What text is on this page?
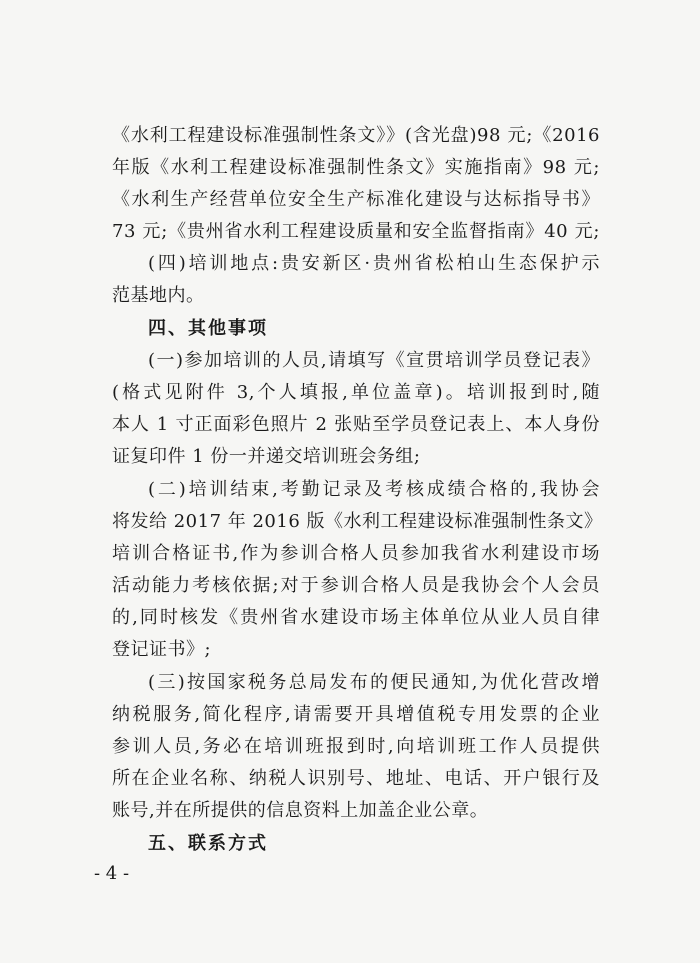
《水利工程建设标准强制性条文》》(含光盘)98 元;《2016
年版《水利工程建设标准强制性条文》实施指南》98 元;
《水利生产经营单位安全生产标准化建设与达标指导书》
73 元;《贵州省水利工程建设质量和安全监督指南》40 元;
(四)培训地点:贵安新区·贵州省松柏山生态保护示
范基地内。
四、其他事项
(一)参加培训的人员,请填写《宣贯培训学员登记表》
(格式见附件 3,个人填报,单位盖章)。培训报到时,随
本人 1 寸正面彩色照片 2 张贴至学员登记表上、本人身份
证复印件 1 份一并递交培训班会务组;
(二)培训结束,考勤记录及考核成绩合格的,我协会
将发给 2017 年 2016 版《水利工程建设标准强制性条文》
培训合格证书,作为参训合格人员参加我省水利建设市场
活动能力考核依据;对于参训合格人员是我协会个人会员
的,同时核发《贵州省水建设市场主体单位从业人员自律
登记证书》;
(三)按国家税务总局发布的便民通知,为优化营改增
纳税服务,简化程序,请需要开具增值税专用发票的企业
参训人员,务必在培训班报到时,向培训班工作人员提供
所在企业名称、纳税人识别号、地址、电话、开户银行及
账号,并在所提供的信息资料上加盖企业公章。
五、联系方式
- 4 -
